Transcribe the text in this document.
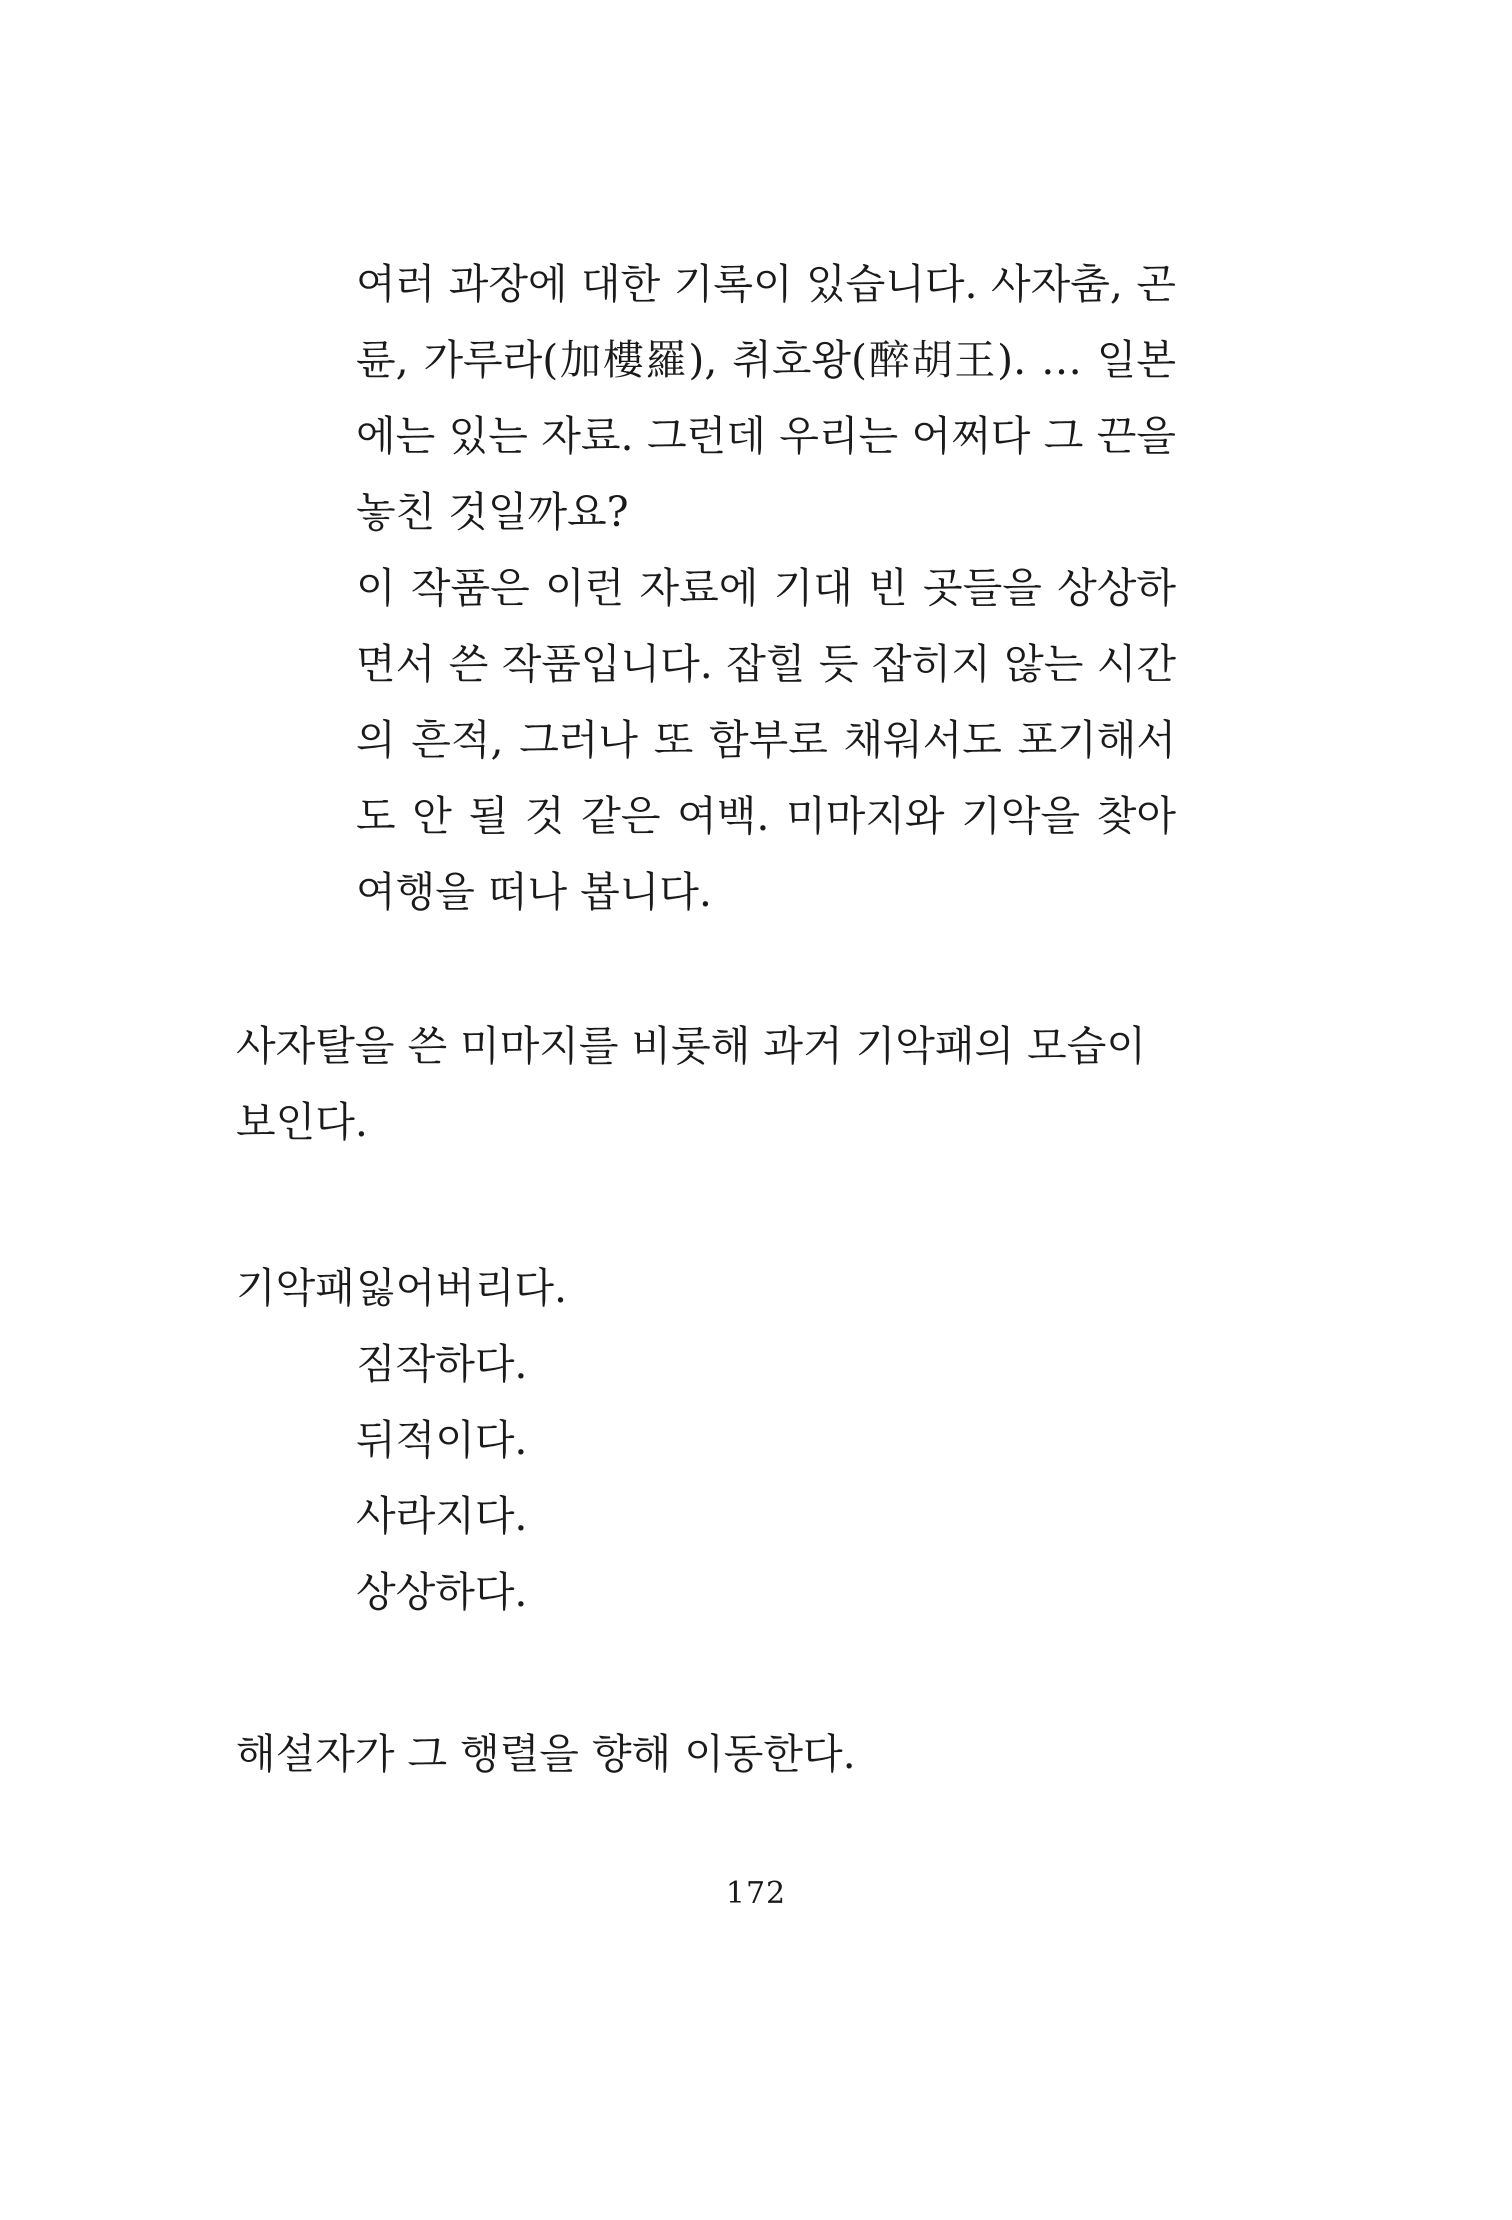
여러 과장에 대한 기록이 있습니다. 사자춤, 곤륜, 가루라(加樓羅), 취호왕(醉胡王). … 일본에는 있는 자료. 그런데 우리는 어쩌다 그 끈을 놓친 것일까요?

이 작품은 이런 자료에 기대 빈 곳들을 상상하면서 쓴 작품입니다. 잡힐 듯 잡히지 않는 시간의 흔적, 그러나 또 함부로 채워서도 포기해서도 안 될 것 같은 여백. 미마지와 기악을 찾아 여행을 떠나 봅니다.

사자탈을 쓴 미마지를 비롯해 과거 기악패의 모습이 보인다.

기악패잃어버리다.
짐작하다.
뒤적이다.
사라지다.
상상하다.

해설자가 그 행렬을 향해 이동한다.

172
